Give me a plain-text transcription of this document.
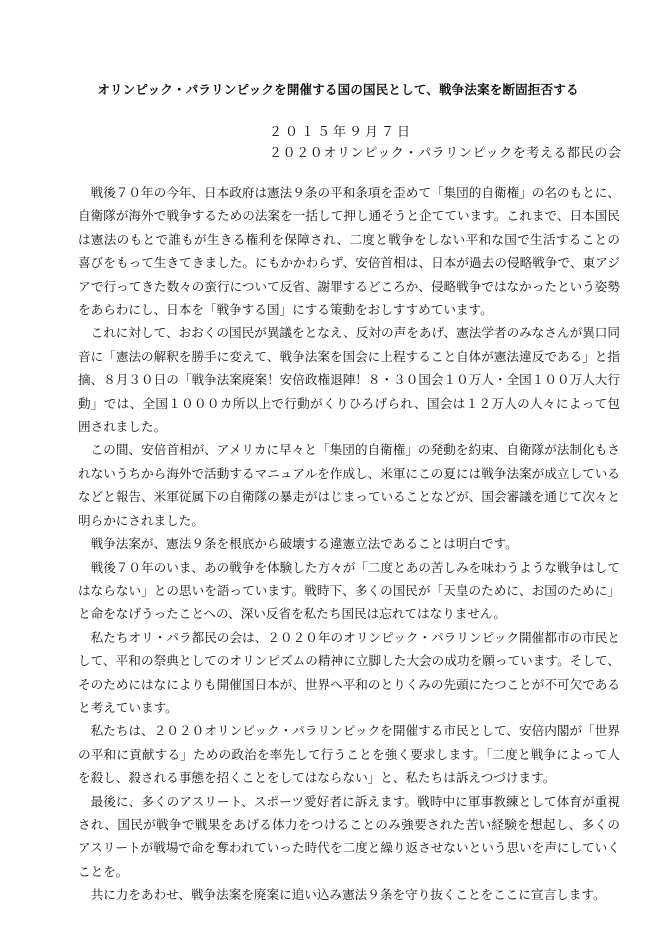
オリンピック・パラリンピックを開催する国の国民として、戦争法案を断固拒否する
２０１５年９月７日
２０２０オリンピック・パラリンピックを考える都民の会

戦後７０年の今年、日本政府は憲法９条の平和条項を歪めて「集団的自衛権」の名のもとに、自衛隊が海外で戦争するための法案を一括して押し通そうと企てています。これまで、日本国民は憲法のもとで誰もが生きる権利を保障され、二度と戦争をしない平和な国で生活することの喜びをもって生きてきました。にもかかわらず、安倍首相は、日本が過去の侵略戦争で、東アジアで行ってきた数々の蛮行について反省、謝罪するどころか、侵略戦争ではなかったという姿勢をあらわにし、日本を「戦争する国」にする策動をおしすすめています。

これに対して、おおくの国民が異議をとなえ、反対の声をあげ、憲法学者のみなさんが異口同音に「憲法の解釈を勝手に変えて、戦争法案を国会に上程すること自体が憲法違反である」と指摘、８月３０日の「戦争法案廃案！安倍政権退陣！８・３０国会１０万人・全国１００万人大行動」では、全国１０００カ所以上で行動がくりひろげられ、国会は１２万人の人々によって包囲されました。

この間、安倍首相が、アメリカに早々と「集団的自衛権」の発動を約束、自衛隊が法制化もされないうちから海外で活動するマニュアルを作成し、米軍にこの夏には戦争法案が成立しているなどと報告、米軍従属下の自衛隊の暴走がはじまっていることなどが、国会審議を通じて次々と明らかにされました。

戦争法案が、憲法９条を根底から破壊する違憲立法であることは明白です。

戦後７０年のいま、あの戦争を体験した方々が「二度とあの苦しみを味わうような戦争はしてはならない」との思いを語っています。戦時下、多くの国民が「天皇のために、お国のために」と命をなげうったことへの、深い反省を私たち国民は忘れてはなりません。

私たちオリ・パラ都民の会は、２０２０年のオリンピック・パラリンピック開催都市の市民として、平和の祭典としてのオリンピズムの精神に立脚した大会の成功を願っています。そして、そのためにはなによりも開催国日本が、世界へ平和のとりくみの先頭にたつことが不可欠であると考えています。

私たちは、２０２０オリンピック・パラリンピックを開催する市民として、安倍内閣が「世界の平和に貢献する」ための政治を率先して行うことを強く要求します。「二度と戦争によって人を殺し、殺される事態を招くことをしてはならない」と、私たちは訴えつづけます。

最後に、多くのアスリート、スポーツ愛好者に訴えます。戦時中に軍事教練として体育が重視され、国民が戦争で戦果をあげる体力をつけることのみ強要された苦い経験を想起し、多くのアスリートが戦場で命を奪われていった時代を二度と繰り返させないという思いを声にしていくことを。

共に力をあわせ、戦争法案を廃案に追い込み憲法９条を守り抜くことをここに宣言します。
